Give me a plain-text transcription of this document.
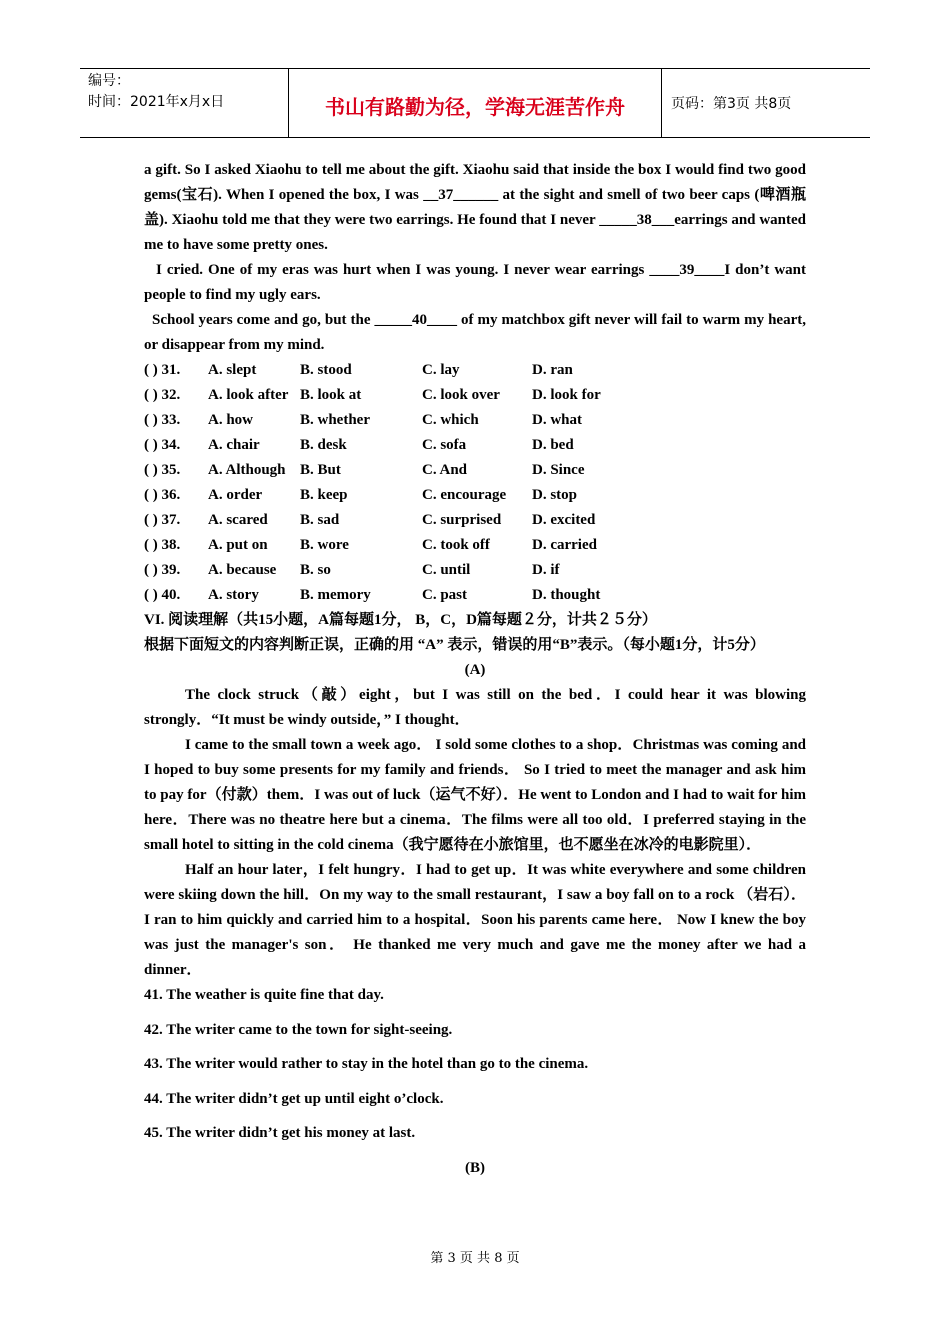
编号：
时间：2021年x月x日	书山有路勤为径，学海无涯苦作舟	页码：第3页 共8页

a gift. So I asked Xiaohu to tell me about the gift. Xiaohu said that inside the box I would find two good gems(宝石). When I opened the box, I was __37______ at the sight and smell of two beer caps (啤酒瓶盖). Xiaohu told me that they were two earrings. He found that I never _____38___earrings and wanted me to have some pretty ones.

I cried. One of my eras was hurt when I was young. I never wear earrings ____39____I don’t want people to find my ugly ears.

School years come and go, but the _____40____ of my matchbox gift never will fail to warm my heart, or disappear from my mind.

( ) 31.	A. slept	B. stood	C. lay	D. ran
( ) 32.	A. look after B. look at	C. look over	D. look for
( ) 33.	A. how	B. whether	C. which	D. what
( ) 34.	A. chair	B. desk	C. sofa	D. bed
( ) 35.	A. Although B. But	C. And	D. Since
( ) 36.	A. order	B. keep	C. encourage	D. stop
( ) 37.	A. scared	B. sad	C. surprised	D. excited
( ) 38.	A. put on	B. wore	C. took off	D. carried
( ) 39.	A. because	B. so	C. until	D. if
( ) 40.	A. story	B. memory	C. past	D. thought

VI. 阅读理解（共15小题，A篇每题1分， B，C，D篇每题２分，计共２５分）

根据下面短文的内容判断正误，正确的用 “A” 表示，错误的用“B”表示。（每小题1分，计5分）

(A)

The clock struck（敲）eight，but I was still on the bed．I could hear it was blowing strongly．“It must be windy outside，” I thought．

I came to the small town a week ago． I sold some clothes to a shop．Christmas was coming and I hoped to buy some presents for my family and friends． So I tried to meet the manager and ask him to pay for（付款）them．I was out of luck（运气不好）．He went to London and I had to wait for him here．There was no theatre here but a cinema．The films were all too old．I preferred staying in the small hotel to sitting in the cold cinema（我宁愿待在小旅馆里，也不愿坐在冰冷的电影院里）．

Half an hour later，I felt hungry．I had to get up．It was white everywhere and some children were skiing down the hill．On my way to the small restaurant，I saw a boy fall on to a rock （岩石）． I ran to him quickly and carried him to a hospital．Soon his parents came here． Now I knew the boy was just the manager's son． He thanked me very much and gave me the money after we had a dinner．

41. The weather is quite fine that day.

42. The writer came to the town for sight-seeing.

43. The writer would rather to stay in the hotel than go to the cinema.

44. The writer didn’t get up until eight o’clock.

45. The writer didn’t get his money at last.

(B)

第 3 页 共 8 页
